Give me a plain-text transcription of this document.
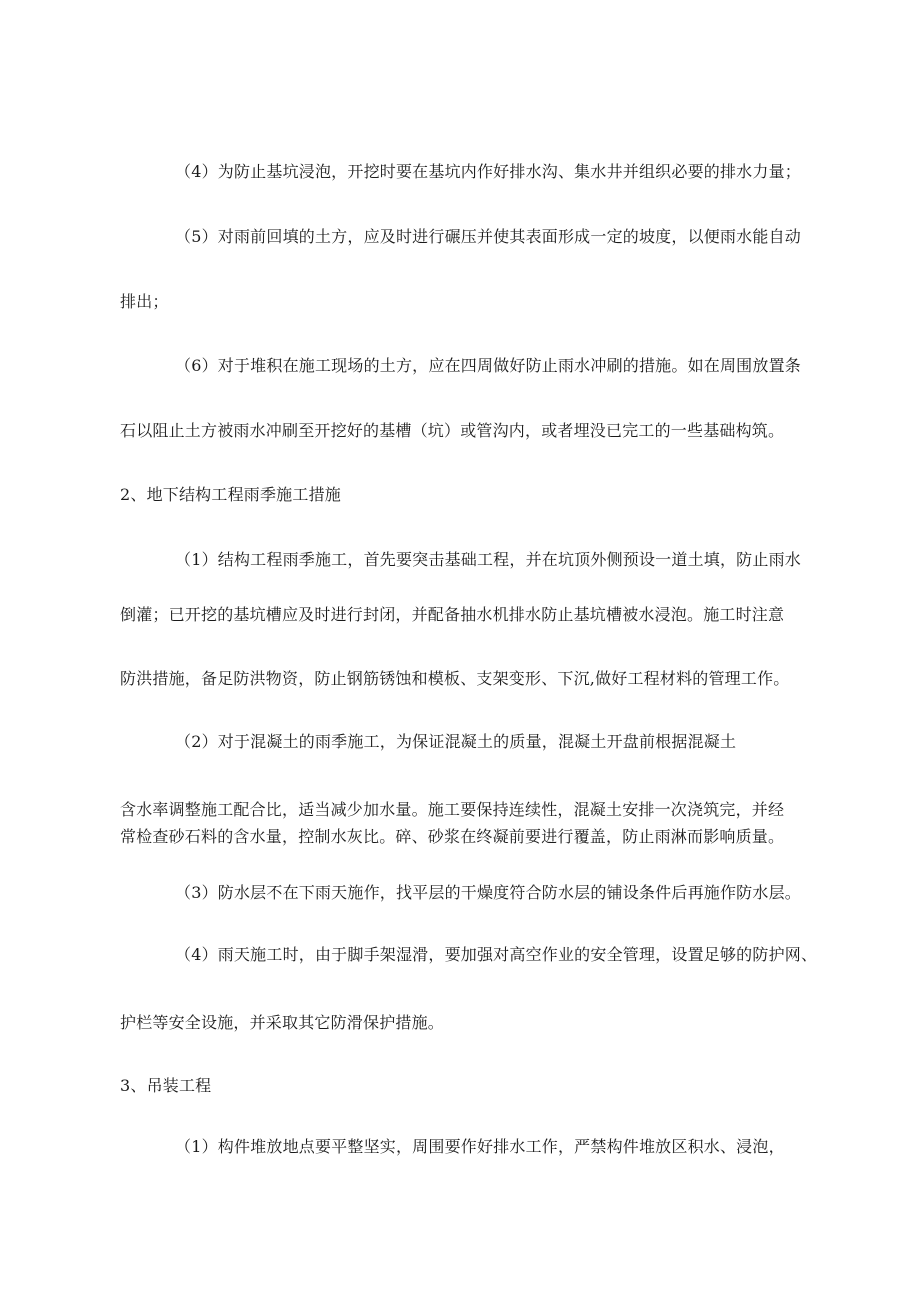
（4）为防止基坑浸泡，开挖时要在基坑内作好排水沟、集水井并组织必要的排水力量；
（5）对雨前回填的土方，应及时进行碾压并使其表面形成一定的坡度，以便雨水能自动
排出；
（6）对于堆积在施工现场的土方，应在四周做好防止雨水冲刷的措施。如在周围放置条
石以阻止土方被雨水冲刷至开挖好的基槽（坑）或管沟内，或者埋没已完工的一些基础构筑。
2、地下结构工程雨季施工措施
（1）结构工程雨季施工，首先要突击基础工程，并在坑顶外侧预设一道土填，防止雨水
倒灌；已开挖的基坑槽应及时进行封闭，并配备抽水机排水防止基坑槽被水浸泡。施工时注意
防洪措施，备足防洪物资，防止钢筋锈蚀和模板、支架变形、下沉,做好工程材料的管理工作。
（2）对于混凝土的雨季施工，为保证混凝土的质量，混凝土开盘前根据混凝土
含水率调整施工配合比，适当减少加水量。施工要保持连续性，混凝土安排一次浇筑完，并经
常检查砂石料的含水量，控制水灰比。碎、砂浆在终凝前要进行覆盖，防止雨淋而影响质量。
（3）防水层不在下雨天施作，找平层的干燥度符合防水层的铺设条件后再施作防水层。
（4）雨天施工时，由于脚手架湿滑，要加强对高空作业的安全管理，设置足够的防护网、
护栏等安全设施，并采取其它防滑保护措施。
3、吊装工程
（1）构件堆放地点要平整坚实，周围要作好排水工作，严禁构件堆放区积水、浸泡，
